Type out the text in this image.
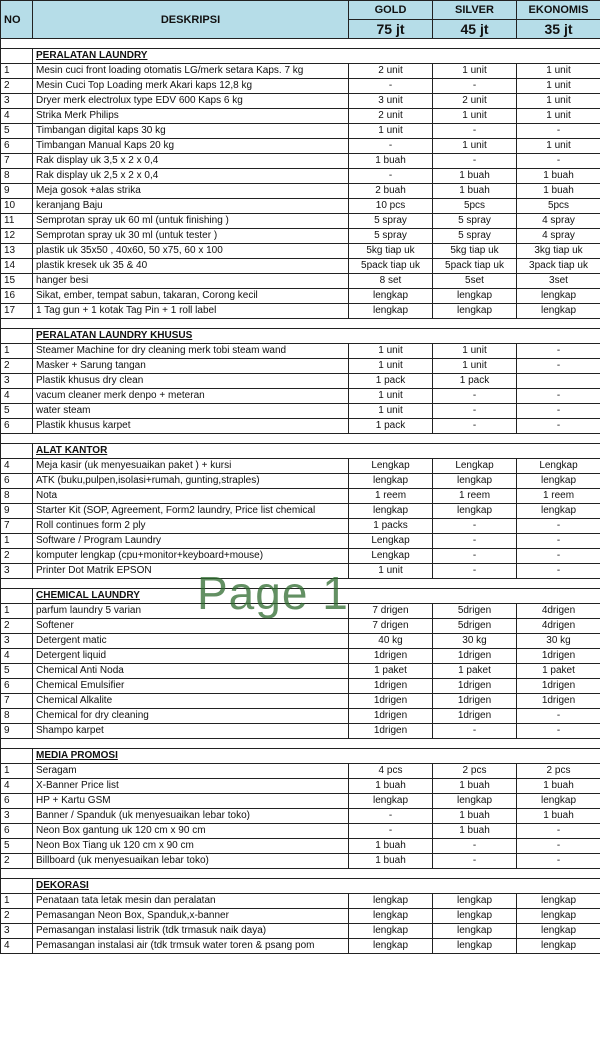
NO	DESKRIPSI	GOLD	SILVER	EKONOMIS
		75 jt	45 jt	35 jt

	PERALATAN LAUNDRY			
1	Mesin cuci front loading otomatis LG/merk setara Kaps. 7 kg	2 unit	1 unit	1 unit
2	Mesin Cuci Top Loading merk Akari kaps 12,8 kg	-	-	1 unit
3	Dryer merk electrolux type EDV 600 Kaps 6 kg	3 unit	2 unit	1 unit
4	Strika Merk Philips	2 unit	1 unit	1 unit
5	Timbangan digital kaps 30 kg	1 unit	-	-
6	Timbangan Manual Kaps 20 kg	-	1 unit	1 unit
7	Rak display uk 3,5 x 2 x 0,4	1 buah	-	-
8	Rak display uk 2,5 x 2 x 0,4	-	1 buah	1 buah
9	Meja gosok +alas strika	2 buah	1 buah	1 buah
10	keranjang Baju	10 pcs	5pcs	5pcs
11	Semprotan spray uk 60 ml (untuk finishing )	5 spray	5 spray	4 spray
12	Semprotan spray uk 30 ml (untuk tester )	5 spray	5 spray	4 spray
13	plastik uk 35x50 , 40x60, 50 x75, 60 x 100	5kg tiap uk	5kg tiap uk	3kg tiap uk
14	plastik kresek uk 35 & 40	5pack tiap uk	5pack tiap uk	3pack tiap uk
15	hanger besi	8 set	5set	3set
16	Sikat, ember, tempat sabun, takaran, Corong kecil	lengkap	lengkap	lengkap
17	1 Tag gun + 1 kotak Tag Pin + 1 roll label	lengkap	lengkap	lengkap

	PERALATAN LAUNDRY KHUSUS			
1	Steamer Machine for dry cleaning merk tobi steam wand	1 unit	1 unit	-
2	Masker + Sarung tangan	1 unit	1 unit	-
3	Plastik khusus dry clean	1 pack	1 pack	
4	vacum cleaner merk denpo + meteran	1 unit	-	-
5	water steam	1 unit	-	-
6	Plastik khusus karpet	1 pack	-	-

	ALAT KANTOR			
4	Meja kasir (uk menyesuaikan paket ) + kursi	Lengkap	Lengkap	Lengkap
6	ATK (buku,pulpen,isolasi+rumah, gunting,straples)	lengkap	lengkap	lengkap
8	Nota	1 reem	1 reem	1 reem
9	Starter Kit (SOP, Agreement, Form2 laundry, Price list chemical	lengkap	lengkap	lengkap
7	Roll continues form 2 ply	1 packs	-	-
1	Software / Program Laundry	Lengkap	-	-
2	komputer lengkap (cpu+monitor+keyboard+mouse)	Lengkap	-	-
3	Printer Dot Matrik EPSON	1 unit	-	-

	CHEMICAL LAUNDRY			
1	parfum laundry 5 varian	7 drigen	5drigen	4drigen
2	Softener	7 drigen	5drigen	4drigen
3	Detergent matic	40 kg	30 kg	30 kg
4	Detergent liquid	1drigen	1drigen	1drigen
5	Chemical Anti Noda	1 paket	1 paket	1 paket
6	Chemical Emulsifier	1drigen	1drigen	1drigen
7	Chemical Alkalite	1drigen	1drigen	1drigen
8	Chemical for dry cleaning	1drigen	1drigen	-
9	Shampo karpet	1drigen	-	-

	MEDIA PROMOSI			
1	Seragam	4 pcs	2 pcs	2 pcs
4	X-Banner Price list	1 buah	1 buah	1 buah
6	HP + Kartu GSM	lengkap	lengkap	lengkap
3	Banner / Spanduk (uk menyesuaikan lebar toko)	-	1 buah	1 buah
6	Neon Box gantung uk 120 cm x 90 cm	-	1 buah	-
5	Neon Box Tiang uk 120 cm x 90 cm	1 buah	-	-
2	Billboard (uk menyesuaikan lebar toko)	1 buah	-	-

	DEKORASI			
1	Penataan tata letak mesin dan peralatan	lengkap	lengkap	lengkap
2	Pemasangan Neon Box, Spanduk,x-banner	lengkap	lengkap	lengkap
3	Pemasangan instalasi listrik (tdk trmasuk naik daya)	lengkap	lengkap	lengkap
4	Pemasangan instalasi air (tdk trmsuk water toren & psang pom	lengkap	lengkap	lengkap
Page 1
